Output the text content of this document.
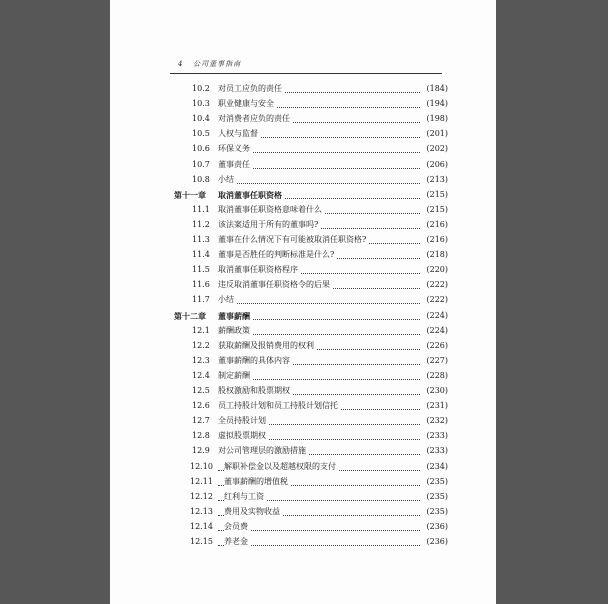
4 公司董事指南
10.2 对员工应负的责任	(184)
10.3 职业健康与安全	(194)
10.4 对消费者应负的责任	(198)
10.5 人权与监督	(201)
10.6 环保义务	(202)
10.7 董事责任	(206)
10.8 小结	(213)
第十一章 取消董事任职资格	(215)
11.1 取消董事任职资格意味着什么	(215)
11.2 该法案适用于所有的董事吗?	(216)
11.3 董事在什么情况下有可能被取消任职资格?	(216)
11.4 董事是否胜任的判断标准是什么?	(218)
11.5 取消董事任职资格程序	(220)
11.6 违反取消董事任职资格令的后果	(222)
11.7 小结	(222)
第十二章 董事薪酬	(224)
12.1 薪酬政策	(224)
12.2 获取薪酬及报销费用的权利	(226)
12.3 董事薪酬的具体内容	(227)
12.4 制定薪酬	(228)
12.5 股权激励和股票期权	(230)
12.6 员工持股计划和员工持股计划信托	(231)
12.7 全员持股计划	(232)
12.8 虚拟股票期权	(233)
12.9 对公司管理层的激励措施	(233)
12.10 解职补偿金以及超越权限的支付	(234)
12.11 董事薪酬的增值税	(235)
12.12 红利与工资	(235)
12.13 费用及实物收益	(235)
12.14 会员费	(236)
12.15 养老金	(236)
